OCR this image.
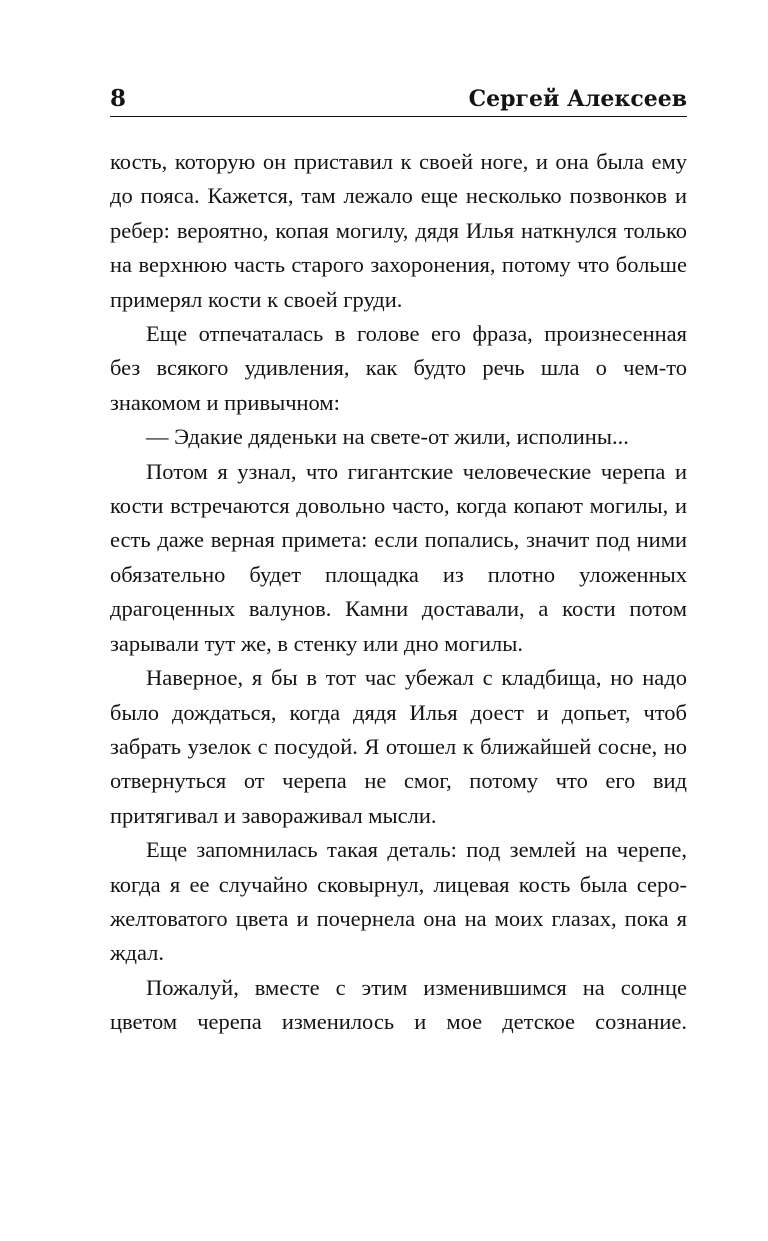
8	Сергей Алексеев

кость, которую он приставил к своей ноге, и она была ему до пояса. Кажется, там лежало еще несколько позвонков и ребер: вероятно, копая могилу, дядя Илья наткнулся только на верхнюю часть старого захоронения, потому что больше примерял кости к своей груди.

Еще отпечаталась в голове его фраза, произнесенная без всякого удивления, как будто речь шла о чем-то знакомом и привычном:

— Эдакие дяденьки на свете-от жили, исполины...

Потом я узнал, что гигантские человеческие черепа и кости встречаются довольно часто, когда копают могилы, и есть даже верная примета: если попались, значит под ними обязательно будет площадка из плотно уложенных драгоценных валунов. Камни доставали, а кости потом зарывали тут же, в стенку или дно могилы.

Наверное, я бы в тот час убежал с кладбища, но надо было дождаться, когда дядя Илья доест и допьет, чтоб забрать узелок с посудой. Я отошел к ближайшей сосне, но отвернуться от черепа не смог, потому что его вид притягивал и завораживал мысли.

Еще запомнилась такая деталь: под землей на черепе, когда я ее случайно сковырнул, лицевая кость была серо-желтоватого цвета и почернела она на моих глазах, пока я ждал.

Пожалуй, вместе с этим изменившимся на солнце цветом черепа изменилось и мое детское сознание.
